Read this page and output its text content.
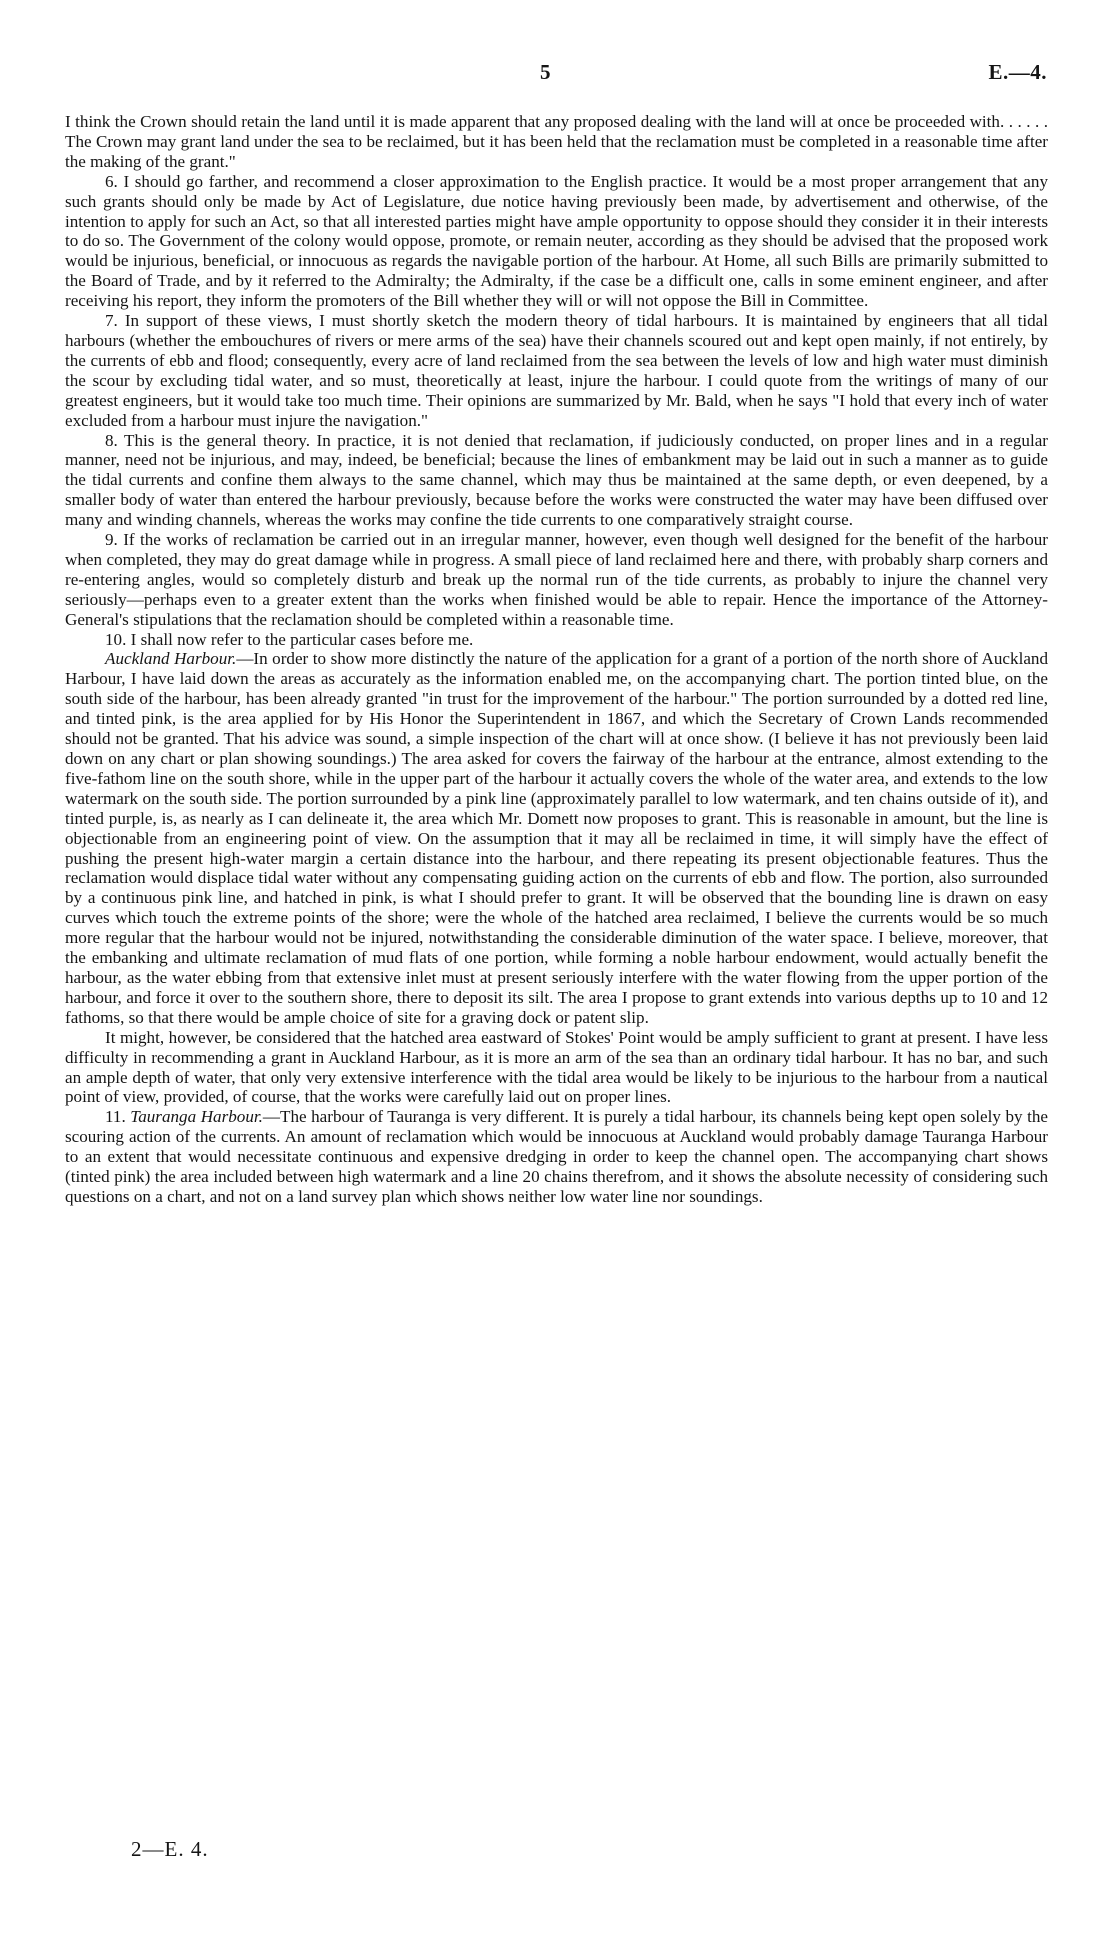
5	E.—4.

I think the Crown should retain the land until it is made apparent that any proposed dealing with the land will at once be proceeded with. . . . . . The Crown may grant land under the sea to be reclaimed, but it has been held that the reclamation must be completed in a reasonable time after the making of the grant."

6. I should go farther, and recommend a closer approximation to the English practice. It would be a most proper arrangement that any such grants should only be made by Act of Legislature, due notice having previously been made, by advertisement and otherwise, of the intention to apply for such an Act, so that all interested parties might have ample opportunity to oppose should they consider it in their interests to do so. The Government of the colony would oppose, promote, or remain neuter, according as they should be advised that the proposed work would be injurious, beneficial, or innocuous as regards the navigable portion of the harbour. At Home, all such Bills are primarily submitted to the Board of Trade, and by it referred to the Admiralty; the Admiralty, if the case be a difficult one, calls in some eminent engineer, and after receiving his report, they inform the promoters of the Bill whether they will or will not oppose the Bill in Committee.

7. In support of these views, I must shortly sketch the modern theory of tidal harbours. It is maintained by engineers that all tidal harbours (whether the embouchures of rivers or mere arms of the sea) have their channels scoured out and kept open mainly, if not entirely, by the currents of ebb and flood; consequently, every acre of land reclaimed from the sea between the levels of low and high water must diminish the scour by excluding tidal water, and so must, theoretically at least, injure the harbour. I could quote from the writings of many of our greatest engineers, but it would take too much time. Their opinions are summarized by Mr. Bald, when he says "I hold that every inch of water excluded from a harbour must injure the navigation."

8. This is the general theory. In practice, it is not denied that reclamation, if judiciously conducted, on proper lines and in a regular manner, need not be injurious, and may, indeed, be beneficial; because the lines of embankment may be laid out in such a manner as to guide the tidal currents and confine them always to the same channel, which may thus be maintained at the same depth, or even deepened, by a smaller body of water than entered the harbour previously, because before the works were constructed the water may have been diffused over many and winding channels, whereas the works may confine the tide currents to one comparatively straight course.

9. If the works of reclamation be carried out in an irregular manner, however, even though well designed for the benefit of the harbour when completed, they may do great damage while in progress. A small piece of land reclaimed here and there, with probably sharp corners and re-entering angles, would so completely disturb and break up the normal run of the tide currents, as probably to injure the channel very seriously—perhaps even to a greater extent than the works when finished would be able to repair. Hence the importance of the Attorney-General's stipulations that the reclamation should be completed within a reasonable time.

10. I shall now refer to the particular cases before me.

Auckland Harbour.—In order to show more distinctly the nature of the application for a grant of a portion of the north shore of Auckland Harbour, I have laid down the areas as accurately as the information enabled me, on the accompanying chart. The portion tinted blue, on the south side of the harbour, has been already granted "in trust for the improvement of the harbour." The portion surrounded by a dotted red line, and tinted pink, is the area applied for by His Honor the Superintendent in 1867, and which the Secretary of Crown Lands recommended should not be granted. That his advice was sound, a simple inspection of the chart will at once show. (I believe it has not previously been laid down on any chart or plan showing soundings.) The area asked for covers the fairway of the harbour at the entrance, almost extending to the five-fathom line on the south shore, while in the upper part of the harbour it actually covers the whole of the water area, and extends to the low watermark on the south side. The portion surrounded by a pink line (approximately parallel to low watermark, and ten chains outside of it), and tinted purple, is, as nearly as I can delineate it, the area which Mr. Domett now proposes to grant. This is reasonable in amount, but the line is objectionable from an engineering point of view. On the assumption that it may all be reclaimed in time, it will simply have the effect of pushing the present high-water margin a certain distance into the harbour, and there repeating its present objectionable features. Thus the reclamation would displace tidal water without any compensating guiding action on the currents of ebb and flow. The portion, also surrounded by a continuous pink line, and hatched in pink, is what I should prefer to grant. It will be observed that the bounding line is drawn on easy curves which touch the extreme points of the shore; were the whole of the hatched area reclaimed, I believe the currents would be so much more regular that the harbour would not be injured, notwithstanding the considerable diminution of the water space. I believe, moreover, that the embanking and ultimate reclamation of mud flats of one portion, while forming a noble harbour endowment, would actually benefit the harbour, as the water ebbing from that extensive inlet must at present seriously interfere with the water flowing from the upper portion of the harbour, and force it over to the southern shore, there to deposit its silt. The area I propose to grant extends into various depths up to 10 and 12 fathoms, so that there would be ample choice of site for a graving dock or patent slip.

It might, however, be considered that the hatched area eastward of Stokes' Point would be amply sufficient to grant at present. I have less difficulty in recommending a grant in Auckland Harbour, as it is more an arm of the sea than an ordinary tidal harbour. It has no bar, and such an ample depth of water, that only very extensive interference with the tidal area would be likely to be injurious to the harbour from a nautical point of view, provided, of course, that the works were carefully laid out on proper lines.

11. Tauranga Harbour.—The harbour of Tauranga is very different. It is purely a tidal harbour, its channels being kept open solely by the scouring action of the currents. An amount of reclamation which would be innocuous at Auckland would probably damage Tauranga Harbour to an extent that would necessitate continuous and expensive dredging in order to keep the channel open. The accompanying chart shows (tinted pink) the area included between high watermark and a line 20 chains therefrom, and it shows the absolute necessity of considering such questions on a chart, and not on a land survey plan which shows neither low water line nor soundings.

2—E. 4.
